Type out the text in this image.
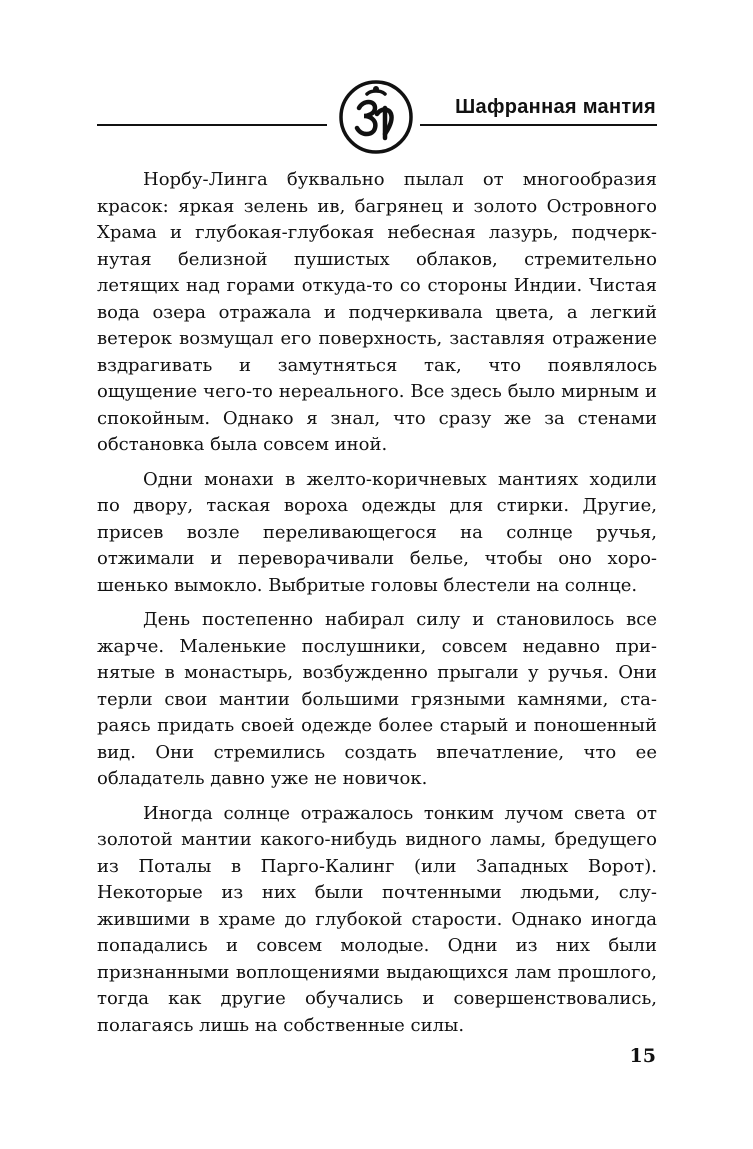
Шафранная мантия

Норбу-Линга буквально пылал от многообразия красок: яркая зелень ив, багрянец и золото Островного Храма и глубокая-глубокая небесная лазурь, подчеркнутая белизной пушистых облаков, стремительно летящих над горами откуда-то со стороны Индии. Чистая вода озера отражала и подчеркивала цвета, а легкий ветерок возмущал его поверхность, заставляя отражение вздрагивать и замутняться так, что появлялось ощущение чего-то нереального. Все здесь было мирным и спокойным. Однако я знал, что сразу же за стенами обстановка была совсем иной.

Одни монахи в желто-коричневых мантиях ходили по двору, таская вороха одежды для стирки. Другие, присев возле переливающегося на солнце ручья, отжимали и переворачивали белье, чтобы оно хорошенько вымокло. Выбритые головы блестели на солнце.

День постепенно набирал силу и становилось все жарче. Маленькие послушники, совсем недавно принятые в монастырь, возбужденно прыгали у ручья. Они терли свои мантии большими грязными камнями, стараясь придать своей одежде более старый и поношенный вид. Они стремились создать впечатление, что ее обладатель давно уже не новичок.

Иногда солнце отражалось тонким лучом света от золотой мантии какого-нибудь видного ламы, бредущего из Поталы в Парго-Калинг (или Западных Ворот). Некоторые из них были почтенными людьми, служившими в храме до глубокой старости. Однако иногда попадались и совсем молодые. Одни из них были признанными воплощениями выдающихся лам прошлого, тогда как другие обучались и совершенствовались, полагаясь лишь на собственные силы.

15
